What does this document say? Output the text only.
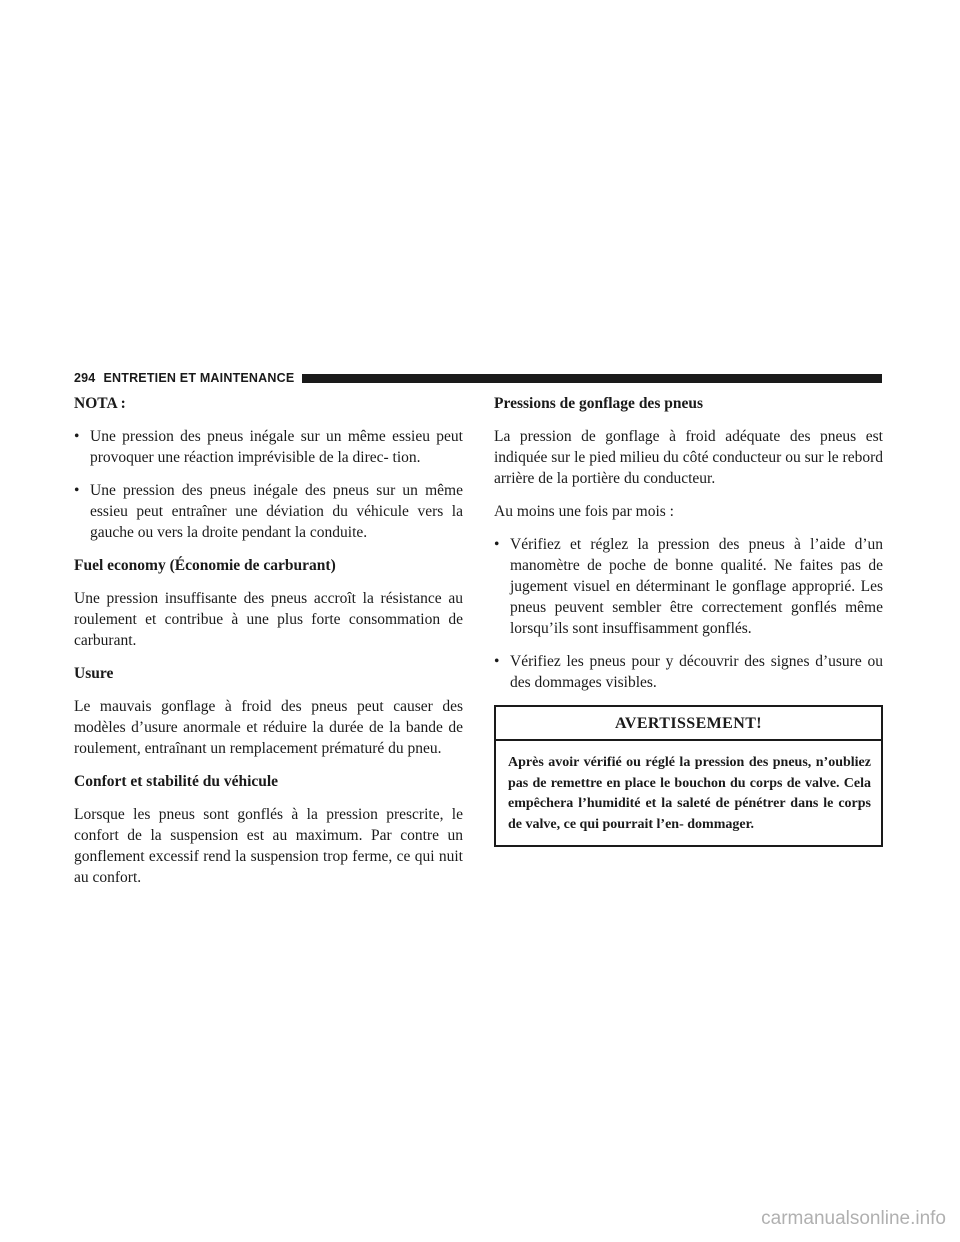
294 ENTRETIEN ET MAINTENANCE
NOTA :
• Une pression des pneus inégale sur un même essieu peut provoquer une réaction imprévisible de la direc- tion.
• Une pression des pneus inégale des pneus sur un même essieu peut entraîner une déviation du véhicule vers la gauche ou vers la droite pendant la conduite.
Fuel economy (Économie de carburant)

Une pression insuffisante des pneus accroît la résistance au roulement et contribue à une plus forte consommation de carburant.

Usure

Le mauvais gonflage à froid des pneus peut causer des modèles d’usure anormale et réduire la durée de la bande de roulement, entraînant un remplacement prématuré du pneu.

Confort et stabilité du véhicule

Lorsque les pneus sont gonflés à la pression prescrite, le confort de la suspension est au maximum. Par contre un gonflement excessif rend la suspension trop ferme, ce qui nuit au confort.

Pressions de gonflage des pneus

La pression de gonflage à froid adéquate des pneus est indiquée sur le pied milieu du côté conducteur ou sur le rebord arrière de la portière du conducteur.

Au moins une fois par mois :

• Vérifiez et réglez la pression des pneus à l’aide d’un manomètre de poche de bonne qualité. Ne faites pas de jugement visuel en déterminant le gonflage approprié. Les pneus peuvent sembler être correctement gonflés même lorsqu’ils sont insuffisamment gonflés.
• Vérifiez les pneus pour y découvrir des signes d’usure ou des dommages visibles.
AVERTISSEMENT!
Après avoir vérifié ou réglé la pression des pneus, n’oubliez pas de remettre en place le bouchon du corps de valve. Cela empêchera l’humidité et la saleté de pénétrer dans le corps de valve, ce qui pourrait l’en- dommager.
carmanualsonline.info
